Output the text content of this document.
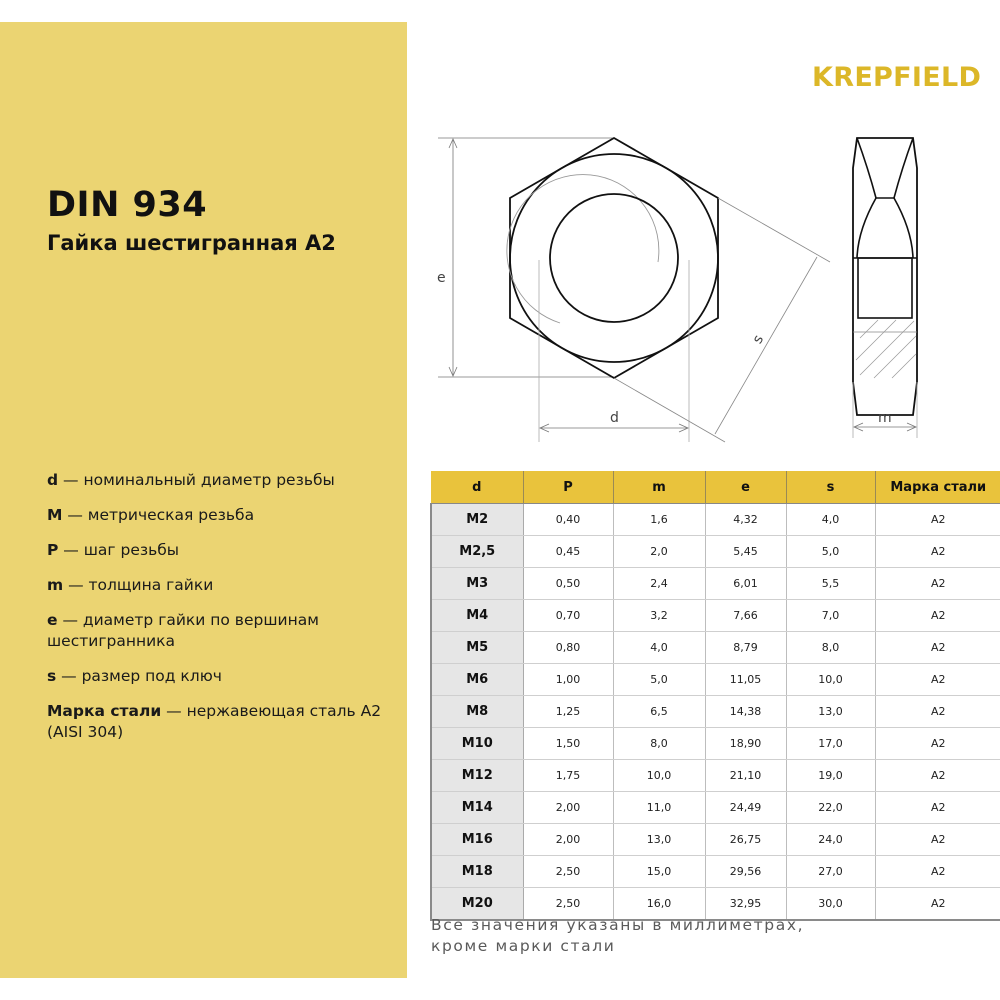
DIN 934
Гайка шестигранная A2
d — номинальный диаметр резьбы
M — метрическая резьба
P — шаг резьбы
m — толщина гайки
e — диаметр гайки по вершинам шестигранника
s — размер под ключ
Марка стали — нержавеющая сталь A2 (AISI 304)
KREPFIELD
e
d
s
m
d	P	m	e	s	Марка стали
M2	0,40	1,6	4,32	4,0	A2
M2,5	0,45	2,0	5,45	5,0	A2
M3	0,50	2,4	6,01	5,5	A2
M4	0,70	3,2	7,66	7,0	A2
M5	0,80	4,0	8,79	8,0	A2
M6	1,00	5,0	11,05	10,0	A2
M8	1,25	6,5	14,38	13,0	A2
M10	1,50	8,0	18,90	17,0	A2
M12	1,75	10,0	21,10	19,0	A2
M14	2,00	11,0	24,49	22,0	A2
M16	2,00	13,0	26,75	24,0	A2
M18	2,50	15,0	29,56	27,0	A2
M20	2,50	16,0	32,95	30,0	A2
Все значения указаны в миллиметрах, кроме марки стали
